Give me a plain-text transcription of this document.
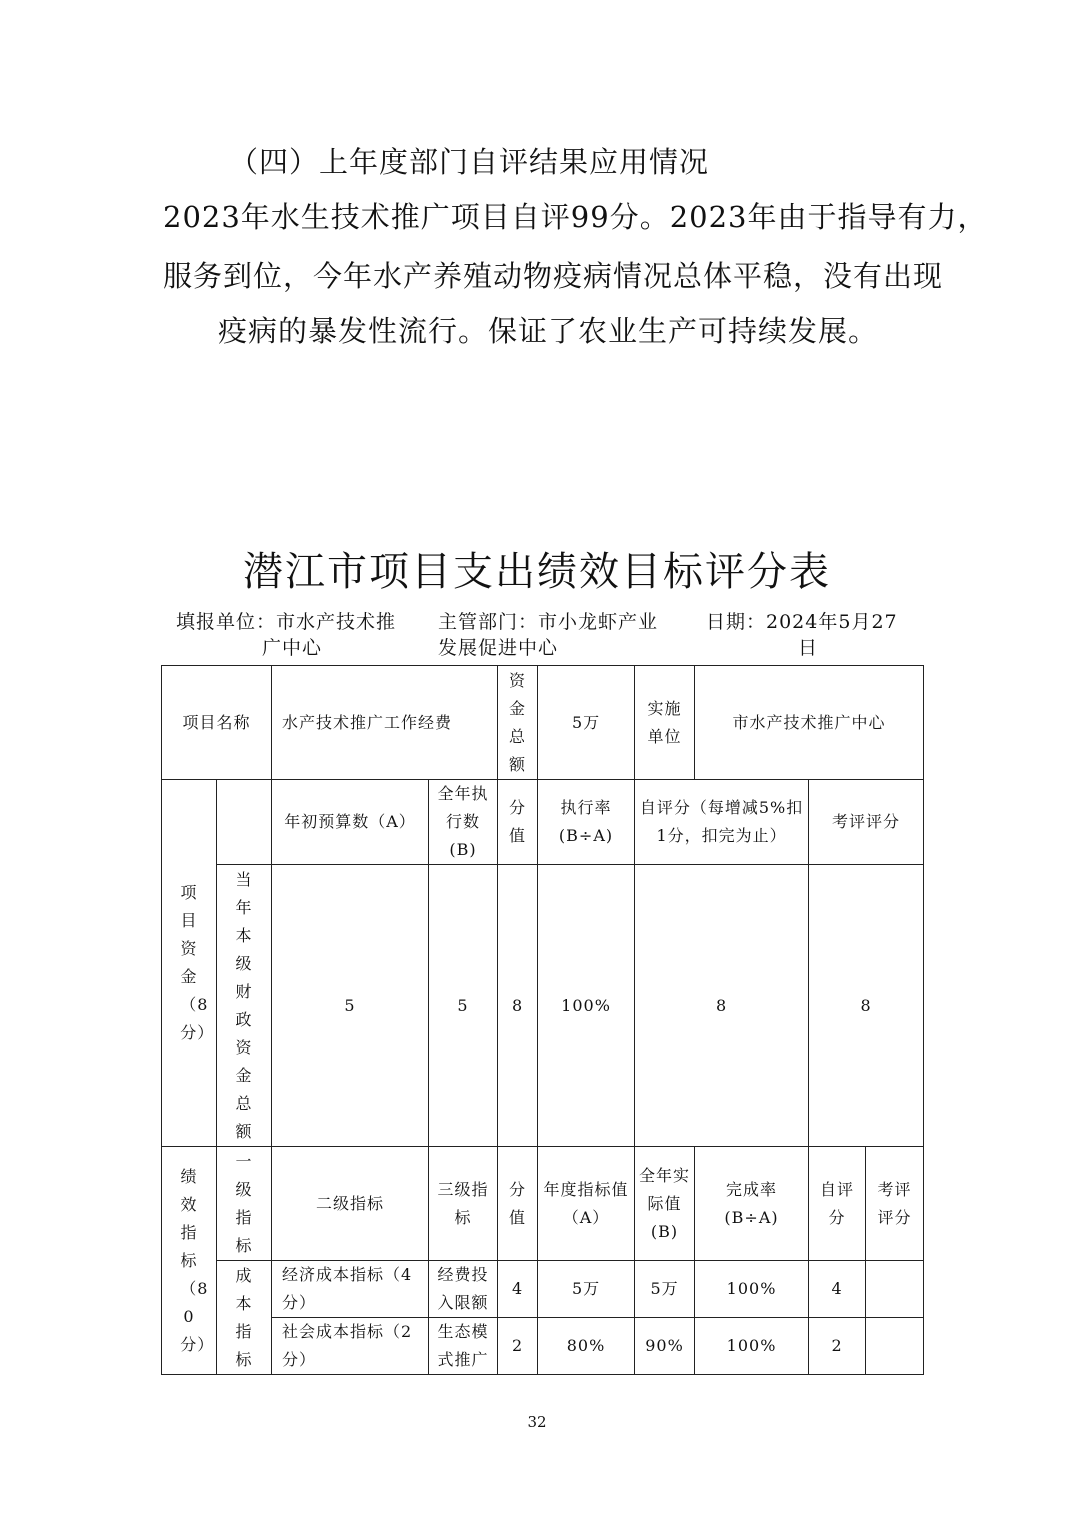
（四）上年度部门自评结果应用情况
2023年水生技术推广项目自评99分。2023年由于指导有力，
服务到位，今年水产养殖动物疫病情况总体平稳，没有出现
疫病的暴发性流行。保证了农业生产可持续发展。
潜江市项目支出绩效目标评分表
填报单位：市水产技术推
广中心
主管部门：市小龙虾产业
发展促进中心
日期：2024年5月27
日
项目名称		水产技术推广工作经费		资金总额	5万	实施单位	市水产技术推广中心		
项目资金（8分）		年初预算数（A）	全年执行数(B)	分值	执行率(B÷A)	自评分（每增减5%扣1分，扣完为止）		考评评分	
	当年本级财政资金总额	5	5	8	100%	8		8	
绩效指标（80分）	一级指标	二级指标	三级指标	分值	年度指标值（A）	全年实际值(B)	完成率(B÷A)	自评分	考评评分
	成本指标	经济成本指标（4分）	经费投入限额	4	5万	5万	100%	4	
		社会成本指标（2分）	生态模式推广	2	80%	90%	100%	2	
32
